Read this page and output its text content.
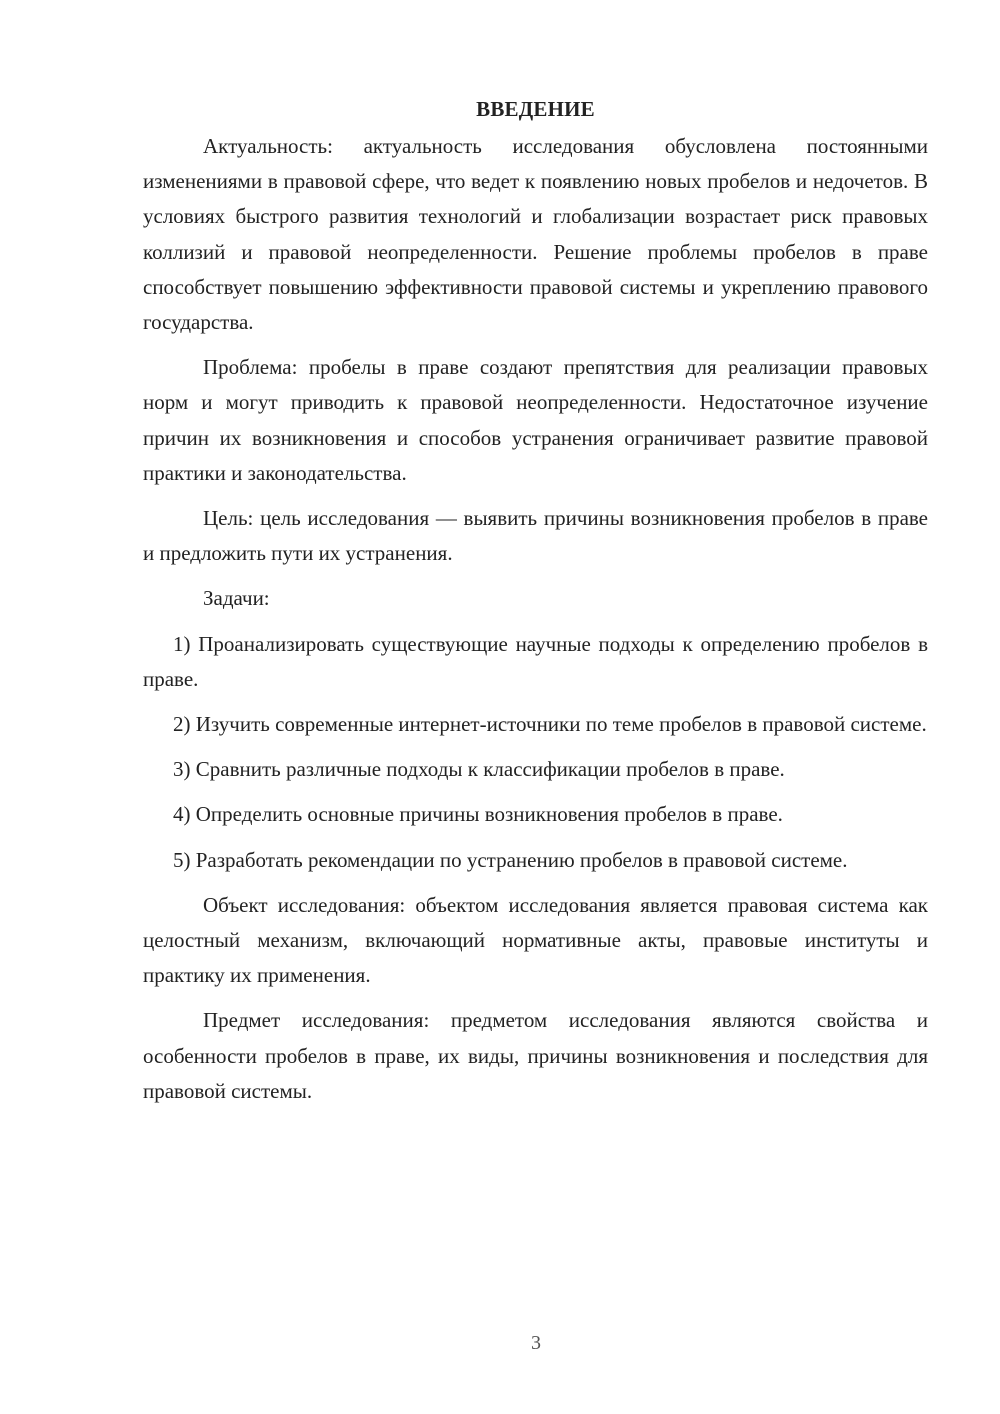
ВВЕДЕНИЕ

Актуальность: актуальность исследования обусловлена постоянными изменениями в правовой сфере, что ведет к появлению новых пробелов и недочетов. В условиях быстрого развития технологий и глобализации возрастает риск правовых коллизий и правовой неопределенности. Решение проблемы пробелов в праве способствует повышению эффективности правовой системы и укреплению правового государства.

Проблема: пробелы в праве создают препятствия для реализации правовых норм и могут приводить к правовой неопределенности. Недостаточное изучение причин их возникновения и способов устранения ограничивает развитие правовой практики и законодательства.

Цель: цель исследования — выявить причины возникновения пробелов в праве и предложить пути их устранения.

Задачи:

1) Проанализировать существующие научные подходы к определению пробелов в праве.

2) Изучить современные интернет-источники по теме пробелов в правовой системе.

3) Сравнить различные подходы к классификации пробелов в праве.

4) Определить основные причины возникновения пробелов в праве.

5) Разработать рекомендации по устранению пробелов в правовой системе.

Объект исследования: объектом исследования является правовая система как целостный механизм, включающий нормативные акты, правовые институты и практику их применения.

Предмет исследования: предметом исследования являются свойства и особенности пробелов в праве, их виды, причины возникновения и последствия для правовой системы.

3
